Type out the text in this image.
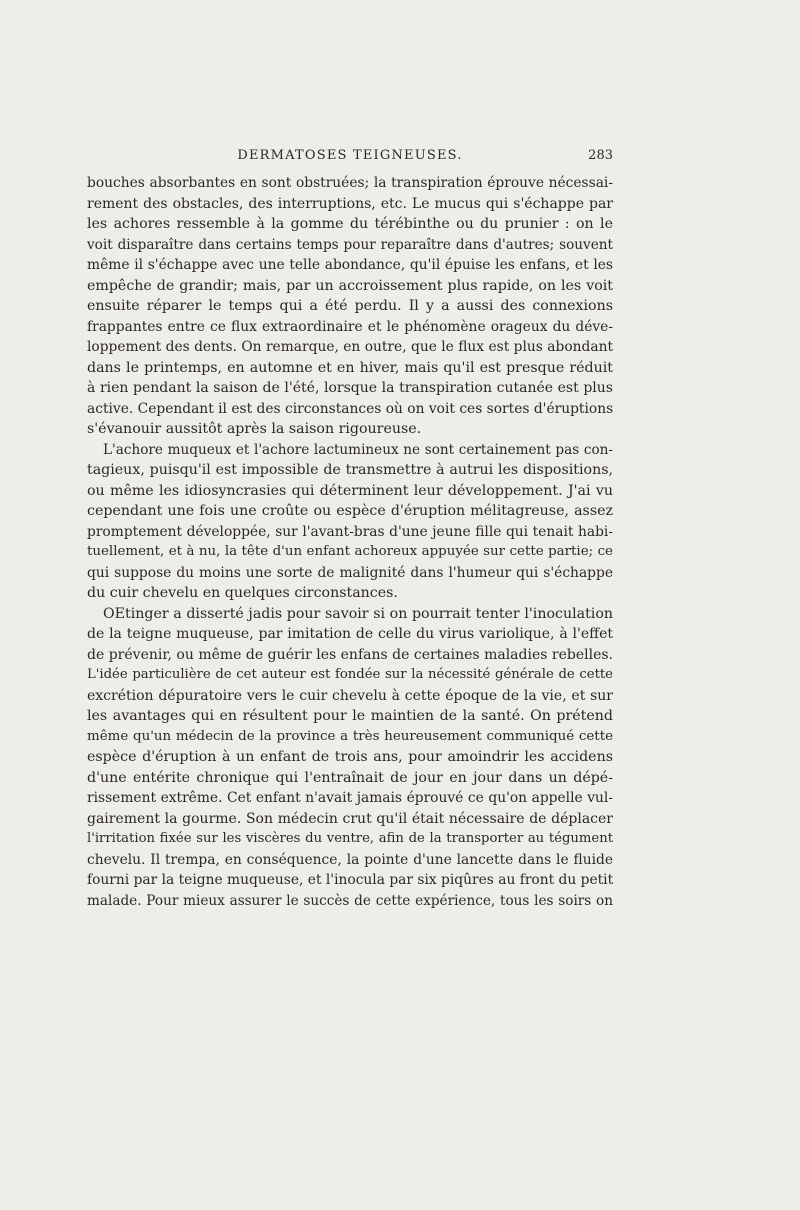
DERMATOSES TEIGNEUSES.	283
bouches absorbantes en sont obstruées; la transpiration éprouve nécessai-
rement des obstacles, des interruptions, etc. Le mucus qui s'échappe par
les achores ressemble à la gomme du térébinthe ou du prunier : on le
voit disparaître dans certains temps pour reparaître dans d'autres; souvent
même il s'échappe avec une telle abondance, qu'il épuise les enfans, et les
empêche de grandir; mais, par un accroissement plus rapide, on les voit
ensuite réparer le temps qui a été perdu. Il y a aussi des connexions
frappantes entre ce flux extraordinaire et le phénomène orageux du déve-
loppement des dents. On remarque, en outre, que le flux est plus abondant
dans le printemps, en automne et en hiver, mais qu'il est presque réduit
à rien pendant la saison de l'été, lorsque la transpiration cutanée est plus
active. Cependant il est des circonstances où on voit ces sortes d'éruptions
s'évanouir aussitôt après la saison rigoureuse.
L'achore muqueux et l'achore lactumineux ne sont certainement pas con-
tagieux, puisqu'il est impossible de transmettre à autrui les dispositions,
ou même les idiosyncrasies qui déterminent leur développement. J'ai vu
cependant une fois une croûte ou espèce d'éruption mélitagreuse, assez
promptement développée, sur l'avant-bras d'une jeune fille qui tenait habi-
tuellement, et à nu, la tête d'un enfant achoreux appuyée sur cette partie; ce
qui suppose du moins une sorte de malignité dans l'humeur qui s'échappe
du cuir chevelu en quelques circonstances.
OEtinger a disserté jadis pour savoir si on pourrait tenter l'inoculation
de la teigne muqueuse, par imitation de celle du virus variolique, à l'effet
de prévenir, ou même de guérir les enfans de certaines maladies rebelles.
L'idée particulière de cet auteur est fondée sur la nécessité générale de cette
excrétion dépuratoire vers le cuir chevelu à cette époque de la vie, et sur
les avantages qui en résultent pour le maintien de la santé. On prétend
même qu'un médecin de la province a très heureusement communiqué cette
espèce d'éruption à un enfant de trois ans, pour amoindrir les accidens
d'une entérite chronique qui l'entraînait de jour en jour dans un dépé-
rissement extrême. Cet enfant n'avait jamais éprouvé ce qu'on appelle vul-
gairement la gourme. Son médecin crut qu'il était nécessaire de déplacer
l'irritation fixée sur les viscères du ventre, afin de la transporter au tégument
chevelu. Il trempa, en conséquence, la pointe d'une lancette dans le fluide
fourni par la teigne muqueuse, et l'inocula par six piqûres au front du petit
malade. Pour mieux assurer le succès de cette expérience, tous les soirs on
